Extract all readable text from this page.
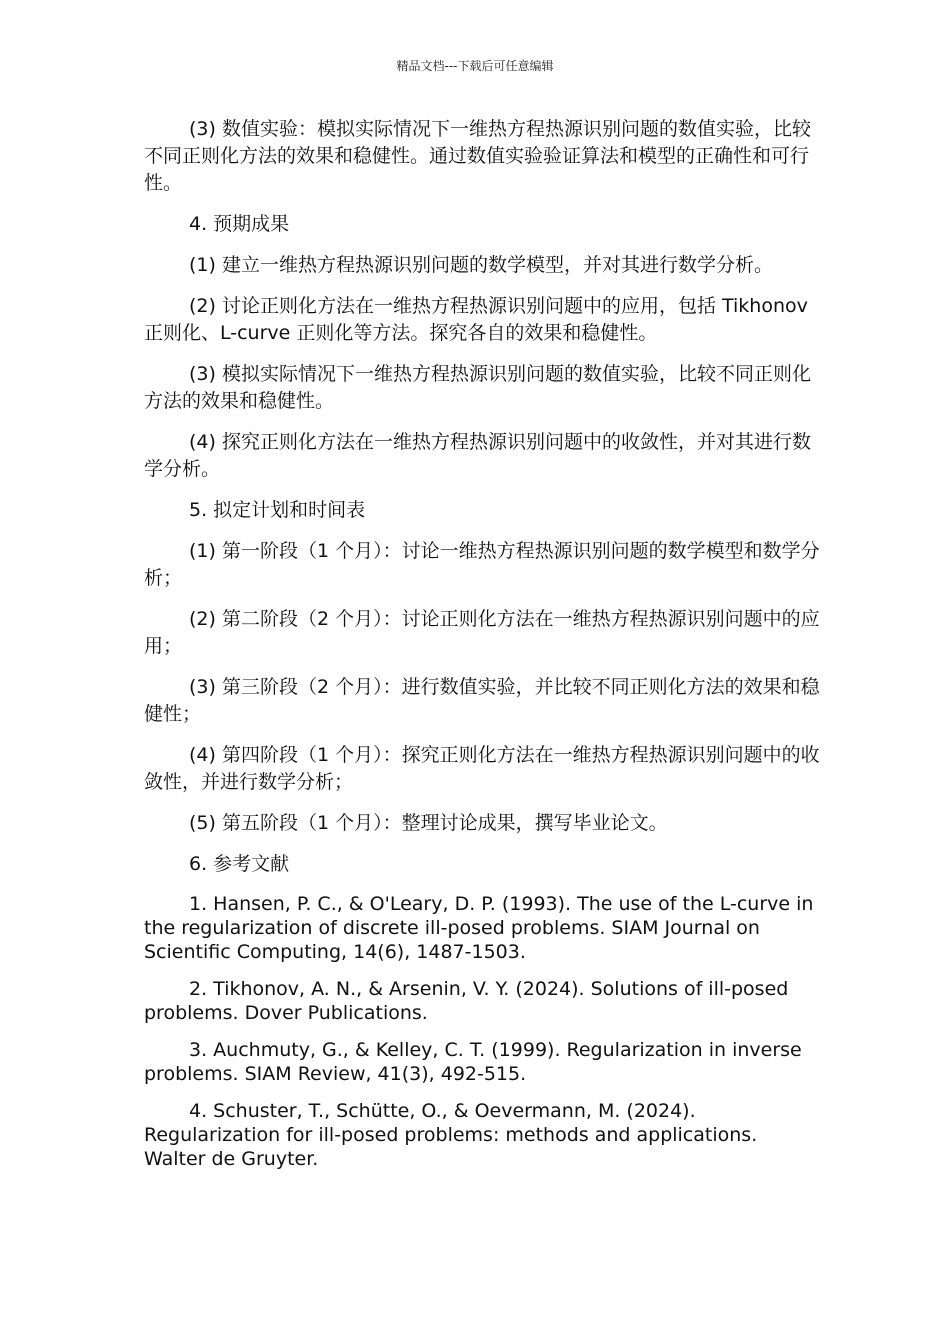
精品文档---下载后可任意编辑

(3) 数值实验：模拟实际情况下一维热方程热源识别问题的数值实验，比较不同正则化方法的效果和稳健性。通过数值实验验证算法和模型的正确性和可行性。

4. 预期成果

(1) 建立一维热方程热源识别问题的数学模型，并对其进行数学分析。

(2) 讨论正则化方法在一维热方程热源识别问题中的应用，包括 Tikhonov 正则化、L-curve 正则化等方法。探究各自的效果和稳健性。

(3) 模拟实际情况下一维热方程热源识别问题的数值实验，比较不同正则化方法的效果和稳健性。

(4) 探究正则化方法在一维热方程热源识别问题中的收敛性，并对其进行数学分析。

5. 拟定计划和时间表

(1) 第一阶段（1 个月）：讨论一维热方程热源识别问题的数学模型和数学分析；

(2) 第二阶段（2 个月）：讨论正则化方法在一维热方程热源识别问题中的应用；

(3) 第三阶段（2 个月）：进行数值实验，并比较不同正则化方法的效果和稳健性；

(4) 第四阶段（1 个月）：探究正则化方法在一维热方程热源识别问题中的收敛性，并进行数学分析；

(5) 第五阶段（1 个月）：整理讨论成果，撰写毕业论文。

6. 参考文献

1. Hansen, P. C., & O'Leary, D. P. (1993). The use of the L-curve in the regularization of discrete ill-posed problems. SIAM Journal on Scientific Computing, 14(6), 1487-1503.

2. Tikhonov, A. N., & Arsenin, V. Y. (2024). Solutions of ill-posed problems. Dover Publications.

3. Auchmuty, G., & Kelley, C. T. (1999). Regularization in inverse problems. SIAM Review, 41(3), 492-515.

4. Schuster, T., Schütte, O., & Oevermann, M. (2024). Regularization for ill-posed problems: methods and applications. Walter de Gruyter.
